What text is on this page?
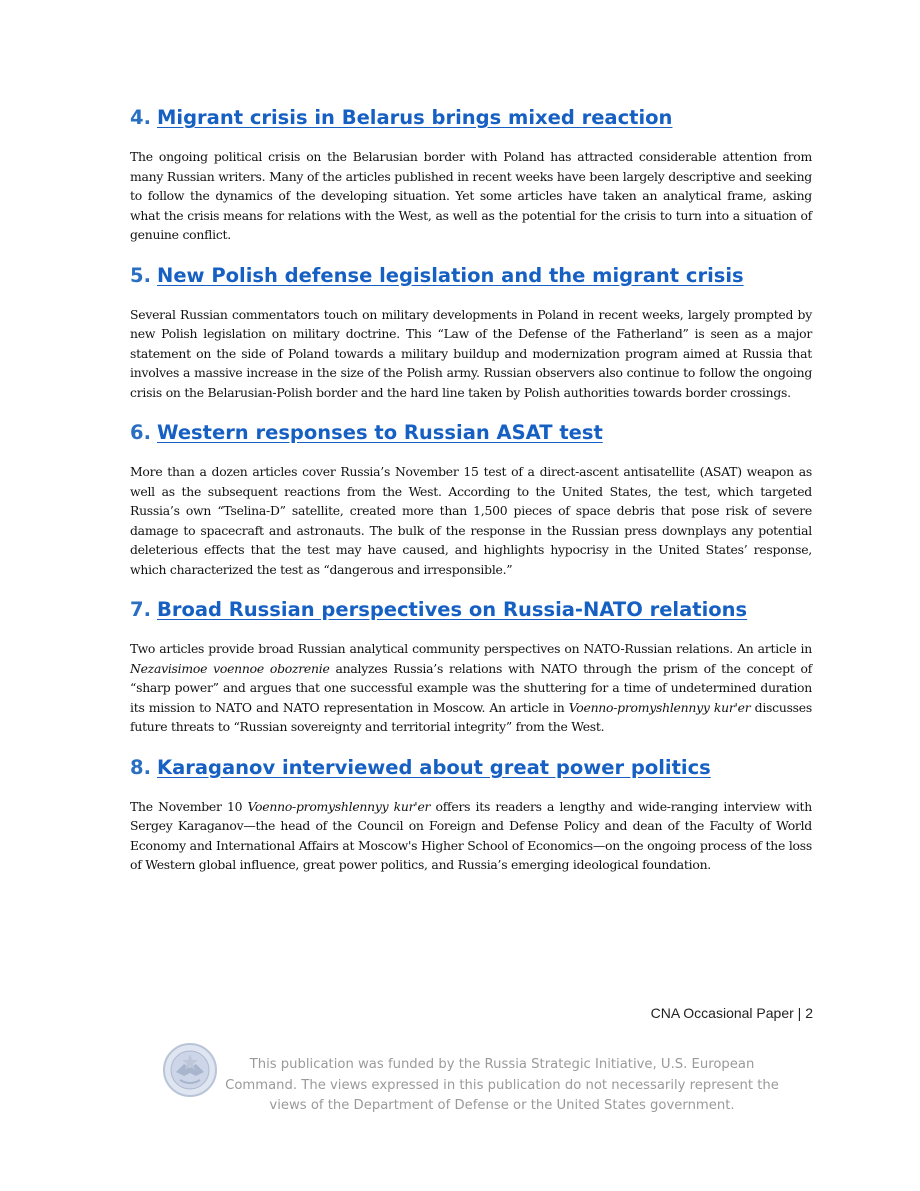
4. Migrant crisis in Belarus brings mixed reaction

The ongoing political crisis on the Belarusian border with Poland has attracted considerable attention from many Russian writers. Many of the articles published in recent weeks have been largely descriptive and seeking to follow the dynamics of the developing situation. Yet some articles have taken an analytical frame, asking what the crisis means for relations with the West, as well as the potential for the crisis to turn into a situation of genuine conflict.

5. New Polish defense legislation and the migrant crisis

Several Russian commentators touch on military developments in Poland in recent weeks, largely prompted by new Polish legislation on military doctrine. This “Law of the Defense of the Fatherland” is seen as a major statement on the side of Poland towards a military buildup and modernization program aimed at Russia that involves a massive increase in the size of the Polish army. Russian observers also continue to follow the ongoing crisis on the Belarusian-Polish border and the hard line taken by Polish authorities towards border crossings.

6. Western responses to Russian ASAT test

More than a dozen articles cover Russia’s November 15 test of a direct-ascent antisatellite (ASAT) weapon as well as the subsequent reactions from the West. According to the United States, the test, which targeted Russia’s own “Tselina-D” satellite, created more than 1,500 pieces of space debris that pose risk of severe damage to spacecraft and astronauts. The bulk of the response in the Russian press downplays any potential deleterious effects that the test may have caused, and highlights hypocrisy in the United States’ response, which characterized the test as “dangerous and irresponsible.”

7. Broad Russian perspectives on Russia-NATO relations

Two articles provide broad Russian analytical community perspectives on NATO-Russian relations. An article in Nezavisimoe voennoe obozrenie analyzes Russia’s relations with NATO through the prism of the concept of “sharp power” and argues that one successful example was the shuttering for a time of undetermined duration its mission to NATO and NATO representation in Moscow. An article in Voenno-promyshlennyy kur'er discusses future threats to “Russian sovereignty and territorial integrity” from the West.

8. Karaganov interviewed about great power politics

The November 10 Voenno-promyshlennyy kur'er offers its readers a lengthy and wide-ranging interview with Sergey Karaganov—the head of the Council on Foreign and Defense Policy and dean of the Faculty of World Economy and International Affairs at Moscow's Higher School of Economics—on the ongoing process of the loss of Western global influence, great power politics, and Russia’s emerging ideological foundation.

CNA Occasional Paper | 2
This publication was funded by the Russia Strategic Initiative, U.S. European Command. The views expressed in this publication do not necessarily represent the views of the Department of Defense or the United States government.
